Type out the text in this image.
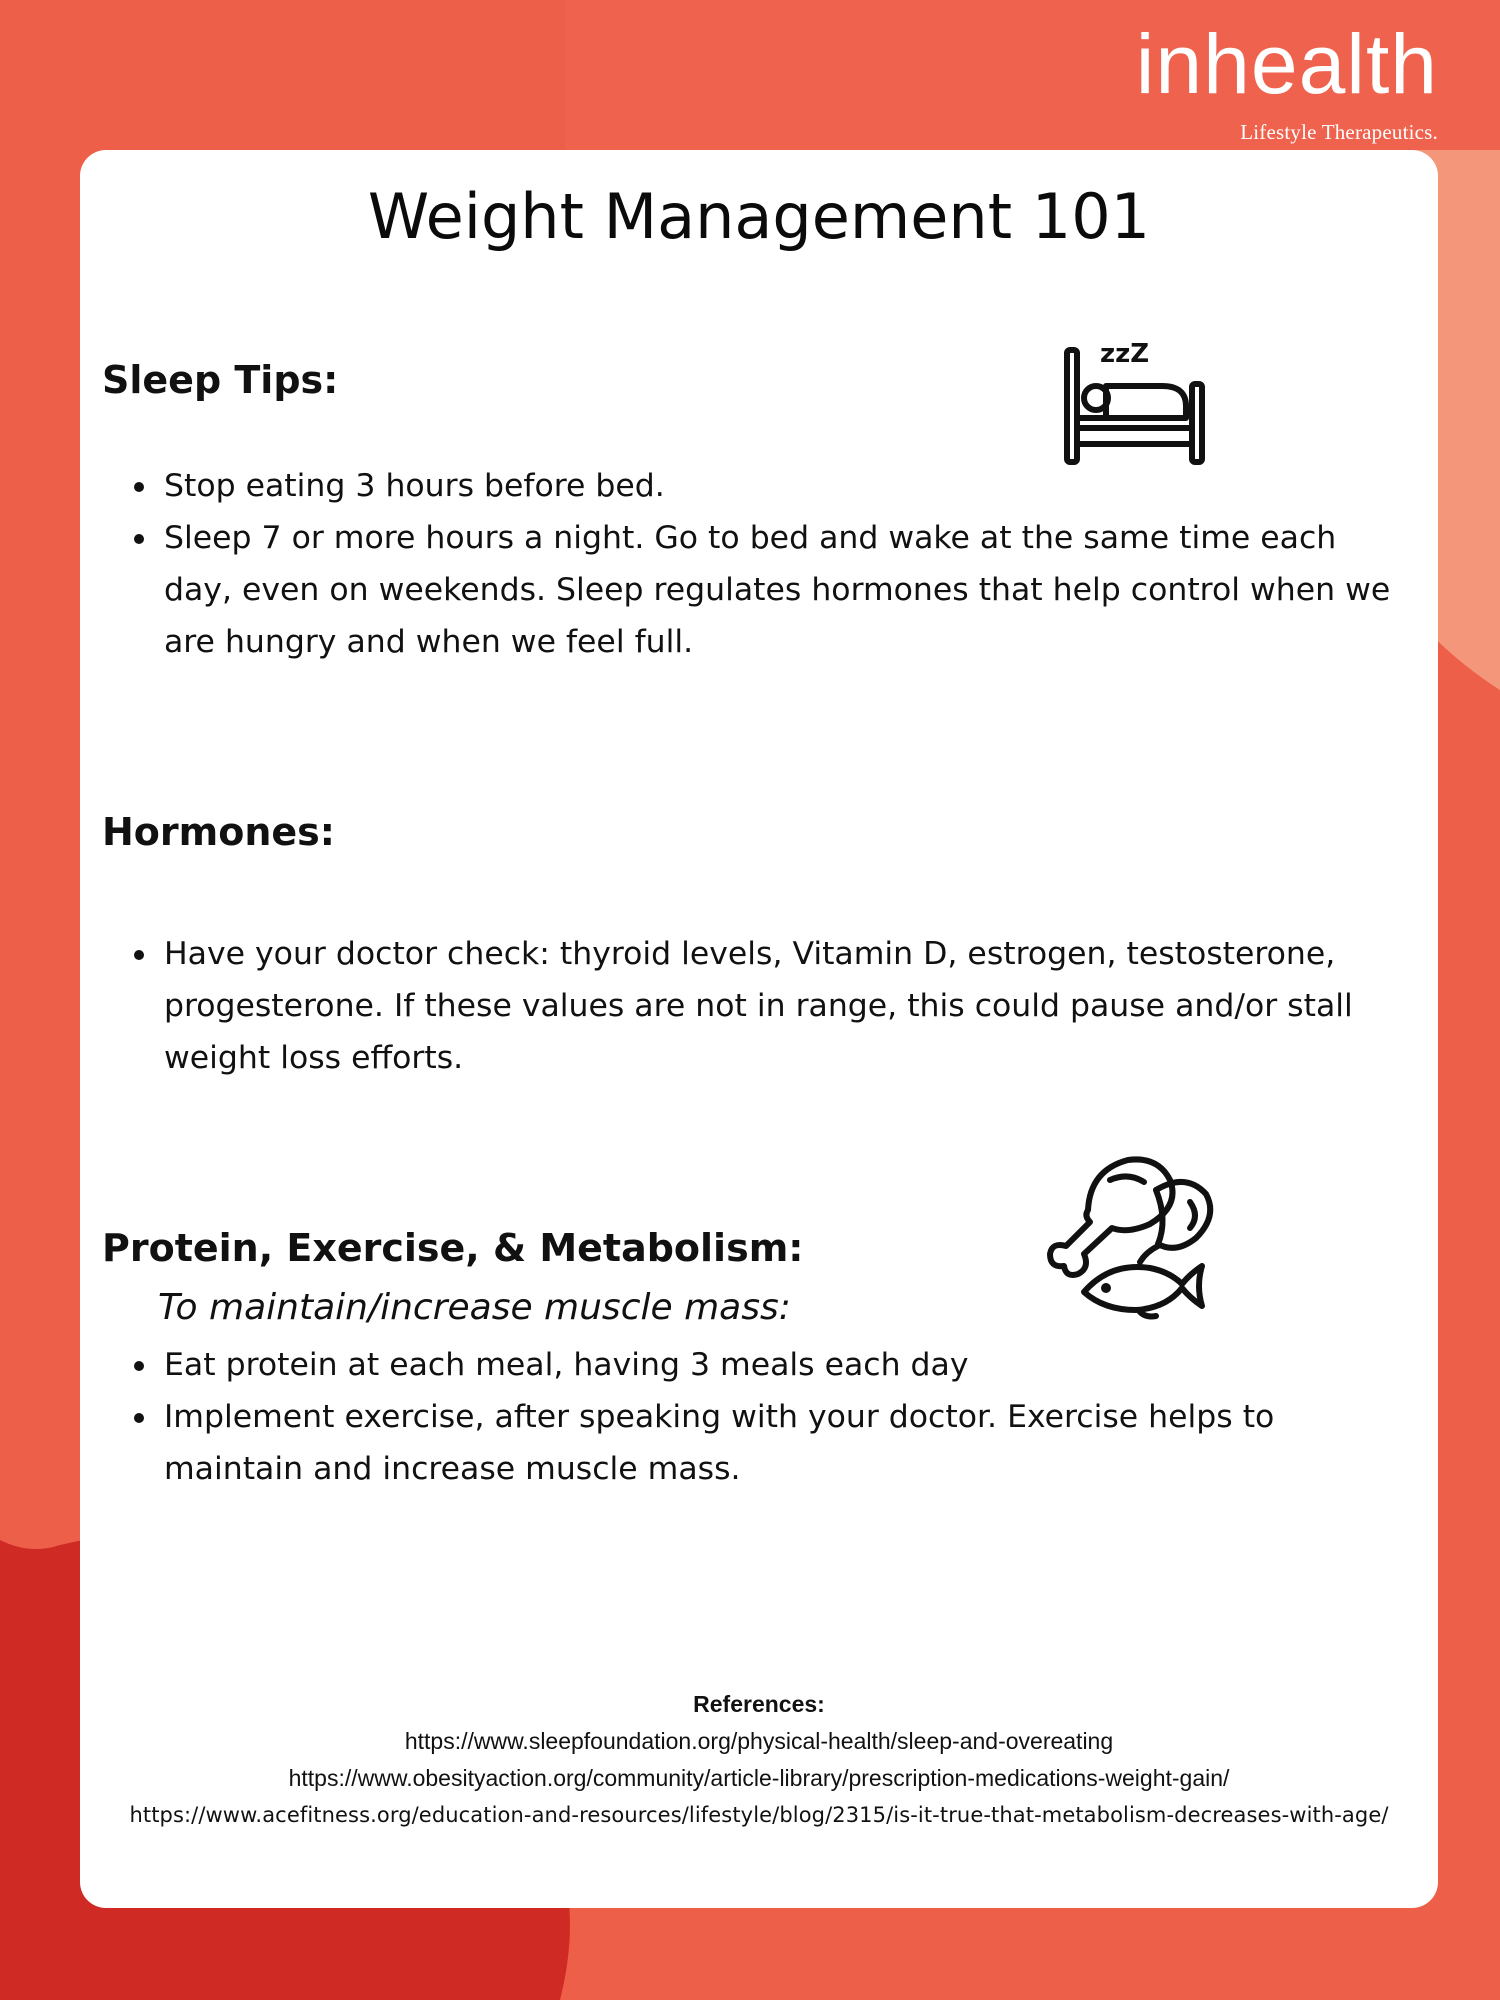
inhealth
Lifestyle Therapeutics.
Weight Management 101
Sleep Tips:
zzZ
Stop eating 3 hours before bed.
Sleep 7 or more hours a night. Go to bed and wake at the same time each day, even on weekends. Sleep regulates hormones that help control when we are hungry and when we feel full.
Hormones:
Have your doctor check: thyroid levels, Vitamin D, estrogen, testosterone, progesterone. If these values are not in range, this could pause and/or stall weight loss efforts.
Protein, Exercise, & Metabolism:
To maintain/increase muscle mass:
Eat protein at each meal, having 3 meals each day
Implement exercise, after speaking with your doctor. Exercise helps to maintain and increase muscle mass.
References:
https://www.sleepfoundation.org/physical-health/sleep-and-overeating
https://www.obesityaction.org/community/article-library/prescription-medications-weight-gain/
https://www.acefitness.org/education-and-resources/lifestyle/blog/2315/is-it-true-that-metabolism-decreases-with-age/
